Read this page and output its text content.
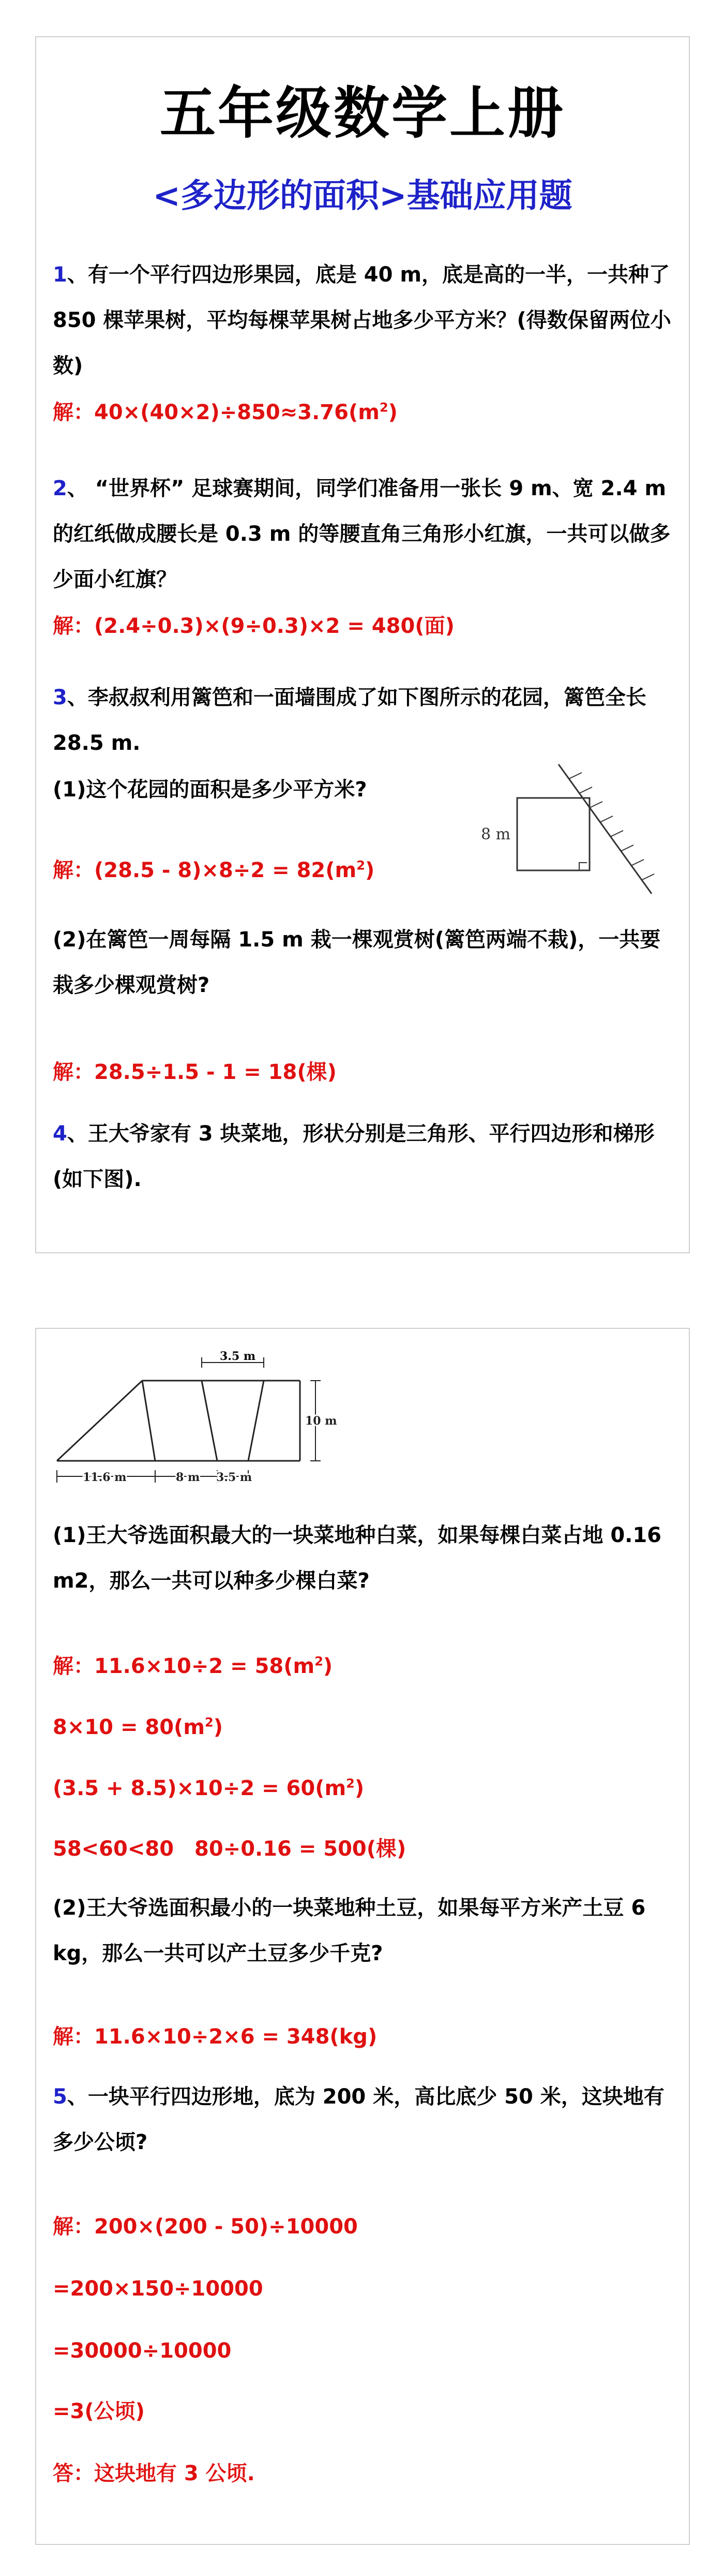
五年级数学上册
<多边形的面积>基础应用题

1、有一个平行四边形果园，底是 40 m，底是高的一半，一共种了 850 棵苹果树，平均每棵苹果树占地多少平方米？(得数保留两位小数)

解：$40\times(40\times 2)\div 850\approx 3.76(m^2)$

2、 “世界杯” 足球赛期间，同学们准备用一张长 9 m、宽 2.4 m 的红纸做成腰长是 0.3 m 的等腰直角三角形小红旗，一共可以做多少面小红旗？

解：(2.4÷0.3)×(9÷0.3)×2 = 480(面)

3、李叔叔利用篱笆和一面墙围成了如下图所示的花园，篱笆全长 28.5 m.

(1)这个花园的面积是多少平方米?

解：$(28.5 - 8)\times 8\div 2 = 82(m^2)$

8 m

(2)在篱笆一周每隔 1.5 m 栽一棵观赏树(篱笆两端不栽)，一共要栽多少棵观赏树?

解：28.5÷1.5 - 1 = 18(棵)

4、王大爷家有 3 块菜地，形状分别是三角形、平行四边形和梯形(如下图).

3.5 m
10 m
11.6 m	8 m 3.5 m

(1)王大爷选面积最大的一块菜地种白菜，如果每棵白菜占地 0.16 m2，那么一共可以种多少棵白菜?

解：$11.6\times 10\div 2 = 58(m^2)$

$8\times 10 = 80(m^2)$

$(3.5 + 8.5)\times 10\div 2 = 60(m^2)$

58<60<80　80÷0.16 = 500(棵)

(2)王大爷选面积最小的一块菜地种土豆，如果每平方米产土豆 6 kg，那么一共可以产土豆多少千克?

解：11.6×10÷2×6 = 348(kg)

5、一块平行四边形地，底为 200 米，高比底少 50 米，这块地有多少公顷?

解：200×(200 - 50)÷10000

=200×150÷10000

=30000÷10000

=3(公顷)

答：这块地有 3 公顷.
